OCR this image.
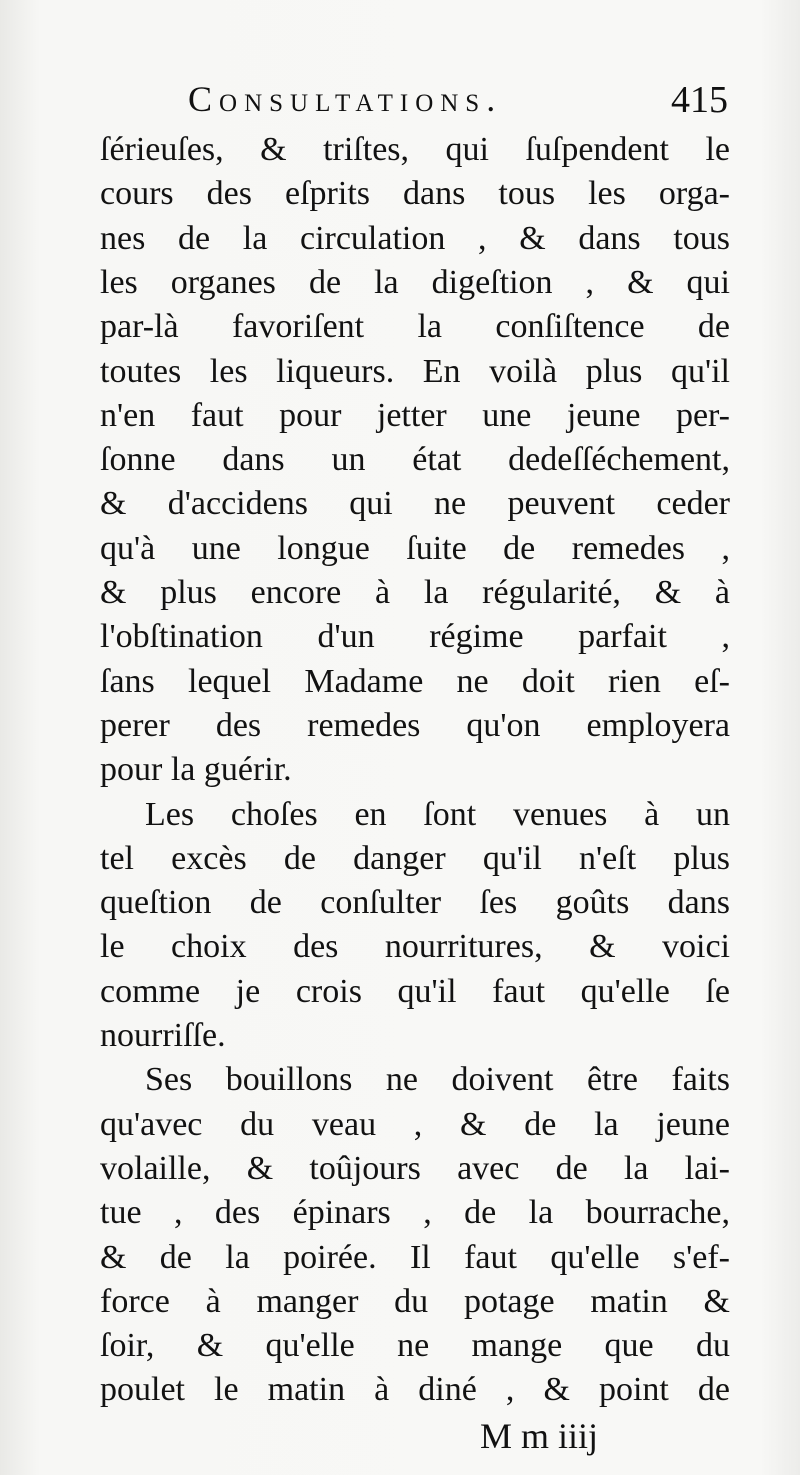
Consultations.	415
ſérieuſes, & triſtes, qui ſuſpendent le
cours des eſprits dans tous les orga-
nes de la circulation , & dans tous
les organes de la digeſtion , & qui
par-là favoriſent la conſiſtence de
toutes les liqueurs. En voilà plus qu'il
n'en faut pour jetter une jeune per-
ſonne dans un état dedeſſéchement,
& d'accidens qui ne peuvent ceder
qu'à une longue ſuite de remedes ,
& plus encore à la régularité, & à
l'obſtination d'un régime parfait ,
ſans lequel Madame ne doit rien eſ-
perer des remedes qu'on employera
pour la guérir.
Les choſes en ſont venues à un
tel excès de danger qu'il n'eſt plus
queſtion de conſulter ſes goûts dans
le choix des nourritures, & voici
comme je crois qu'il faut qu'elle ſe
nourriſſe.
Ses bouillons ne doivent être faits
qu'avec du veau , & de la jeune
volaille, & toûjours avec de la lai-
tue , des épinars , de la bourrache,
& de la poirée. Il faut qu'elle s'ef-
force à manger du potage matin &
ſoir, & qu'elle ne mange que du
poulet le matin à diné , & point de
M m iiij
